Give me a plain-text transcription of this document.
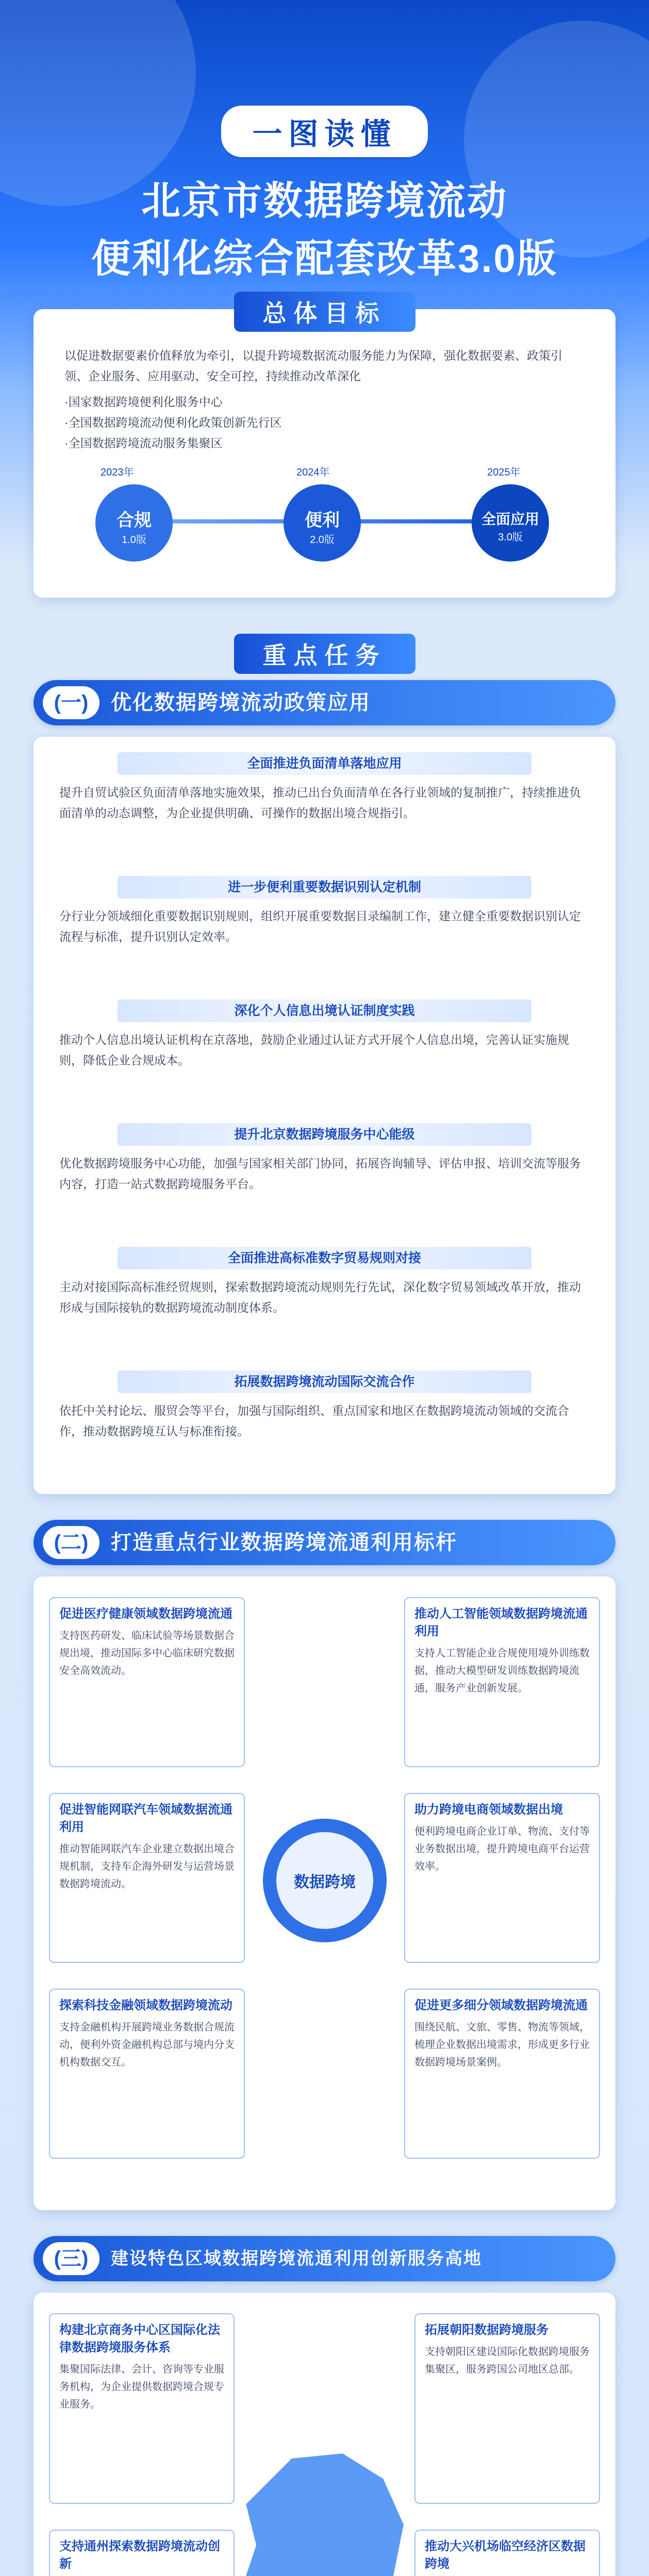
一图读懂
北京市数据跨境流动
便利化综合配套改革3.0版
总体目标

以促进数据要素价值释放为牵引，以提升跨境数据流动服务能力为保障，强化数据要素、政策引领、企业服务、应用驱动、安全可控，持续推动改革深化

·国家数据跨境便利化服务中心

·全国数据跨境流动便利化政策创新先行区

·全国数据跨境流动服务集聚区

合规
1.0版
2023年
便利
2.0版
2024年
全面应用
3.0版
2025年
重点任务
(一)	优化数据跨境流动政策应用
全面推进负面清单落地应用

提升自贸试验区负面清单落地实施效果，推动已出台负面清单在各行业领域的复制推广，持续推进负面清单的动态调整，为企业提供明确、可操作的数据出境合规指引。

进一步便利重要数据识别认定机制

分行业分领域细化重要数据识别规则，组织开展重要数据目录编制工作，建立健全重要数据识别认定流程与标准，提升识别认定效率。

深化个人信息出境认证制度实践

推动个人信息出境认证机构在京落地，鼓励企业通过认证方式开展个人信息出境，完善认证实施规则，降低企业合规成本。

提升北京数据跨境服务中心能级

优化数据跨境服务中心功能，加强与国家相关部门协同，拓展咨询辅导、评估申报、培训交流等服务内容，打造一站式数据跨境服务平台。

全面推进高标准数字贸易规则对接

主动对接国际高标准经贸规则，探索数据跨境流动规则先行先试，深化数字贸易领域改革开放，推动形成与国际接轨的数据跨境流动制度体系。

拓展数据跨境流动国际交流合作

依托中关村论坛、服贸会等平台，加强与国际组织、重点国家和地区在数据跨境流动领域的交流合作，推动数据跨境互认与标准衔接。

(二)	打造重点行业数据跨境流通利用标杆
促进医疗健康领域数据跨境流通

支持医药研发、临床试验等场景数据合规出境，推动国际多中心临床研究数据安全高效流动。

促进智能网联汽车领域数据流通利用

推动智能网联汽车企业建立数据出境合规机制，支持车企海外研发与运营场景数据跨境流动。

探索科技金融领域数据跨境流动

支持金融机构开展跨境业务数据合规流动，便利外资金融机构总部与境内分支机构数据交互。

推动人工智能领域数据跨境流通利用

支持人工智能企业合规使用境外训练数据，推动大模型研发训练数据跨境流通，服务产业创新发展。

助力跨境电商领域数据出境

便利跨境电商企业订单、物流、支付等业务数据出境，提升跨境电商平台运营效率。

促进更多细分领域数据跨境流通

围绕民航、文旅、零售、物流等领域，梳理企业数据出境需求，形成更多行业数据跨境场景案例。

数据跨境
(三)	建设特色区域数据跨境流通利用创新服务高地
构建北京商务中心区国际化法律数据跨境服务体系

集聚国际法律、会计、咨询等专业服务机构，为企业提供数据跨境合规专业服务。

支持通州探索数据跨境流动创新

拓展朝阳数据跨境服务

支持朝阳区建设国际化数据跨境服务集聚区，服务跨国公司地区总部。

推动大兴机场临空经济区数据跨境
